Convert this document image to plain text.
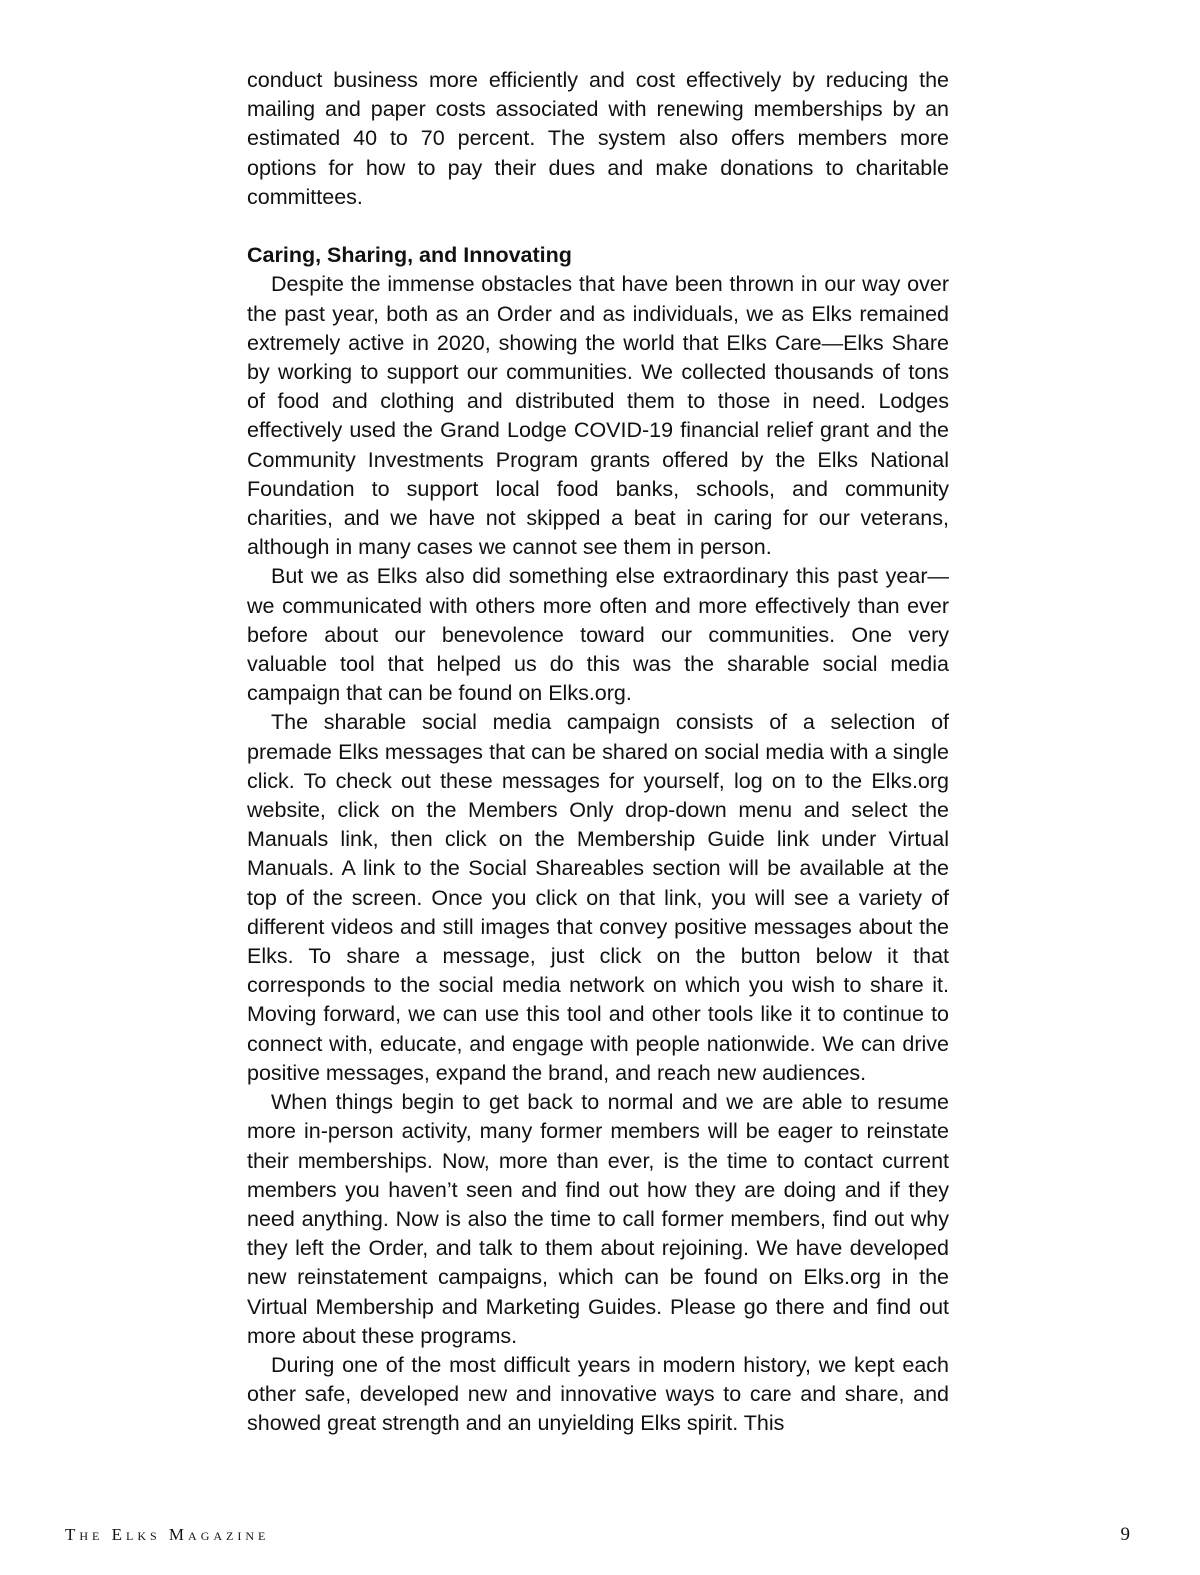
conduct business more efficiently and cost effectively by reducing the mailing and paper costs associated with renewing memberships by an estimated 40 to 70 percent. The system also offers members more options for how to pay their dues and make donations to charitable committees.

Caring, Sharing, and Innovating

Despite the immense obstacles that have been thrown in our way over the past year, both as an Order and as individuals, we as Elks remained extremely active in 2020, showing the world that Elks Care—Elks Share by working to support our communities. We collected thousands of tons of food and clothing and distributed them to those in need. Lodges effectively used the Grand Lodge COVID-19 financial relief grant and the Community Investments Program grants offered by the Elks National Foundation to support local food banks, schools, and community charities, and we have not skipped a beat in caring for our veterans, although in many cases we cannot see them in person.

But we as Elks also did something else extraordinary this past year—we communicated with others more often and more effectively than ever before about our benevolence toward our communities. One very valuable tool that helped us do this was the sharable social media campaign that can be found on Elks.org.

The sharable social media campaign consists of a selection of premade Elks messages that can be shared on social media with a single click. To check out these messages for yourself, log on to the Elks.org website, click on the Members Only drop-down menu and select the Manuals link, then click on the Membership Guide link under Virtual Manuals. A link to the Social Shareables section will be available at the top of the screen. Once you click on that link, you will see a variety of different videos and still images that convey positive messages about the Elks. To share a message, just click on the button below it that corresponds to the social media network on which you wish to share it. Moving forward, we can use this tool and other tools like it to continue to connect with, educate, and engage with people nationwide. We can drive positive messages, expand the brand, and reach new audiences.

When things begin to get back to normal and we are able to resume more in-person activity, many former members will be eager to reinstate their memberships. Now, more than ever, is the time to contact current members you haven’t seen and find out how they are doing and if they need anything. Now is also the time to call former members, find out why they left the Order, and talk to them about rejoining. We have developed new reinstatement campaigns, which can be found on Elks.org in the Virtual Membership and Marketing Guides. Please go there and find out more about these programs.

During one of the most difficult years in modern history, we kept each other safe, developed new and innovative ways to care and share, and showed great strength and an unyielding Elks spirit. This

The Elks Magazine	9
